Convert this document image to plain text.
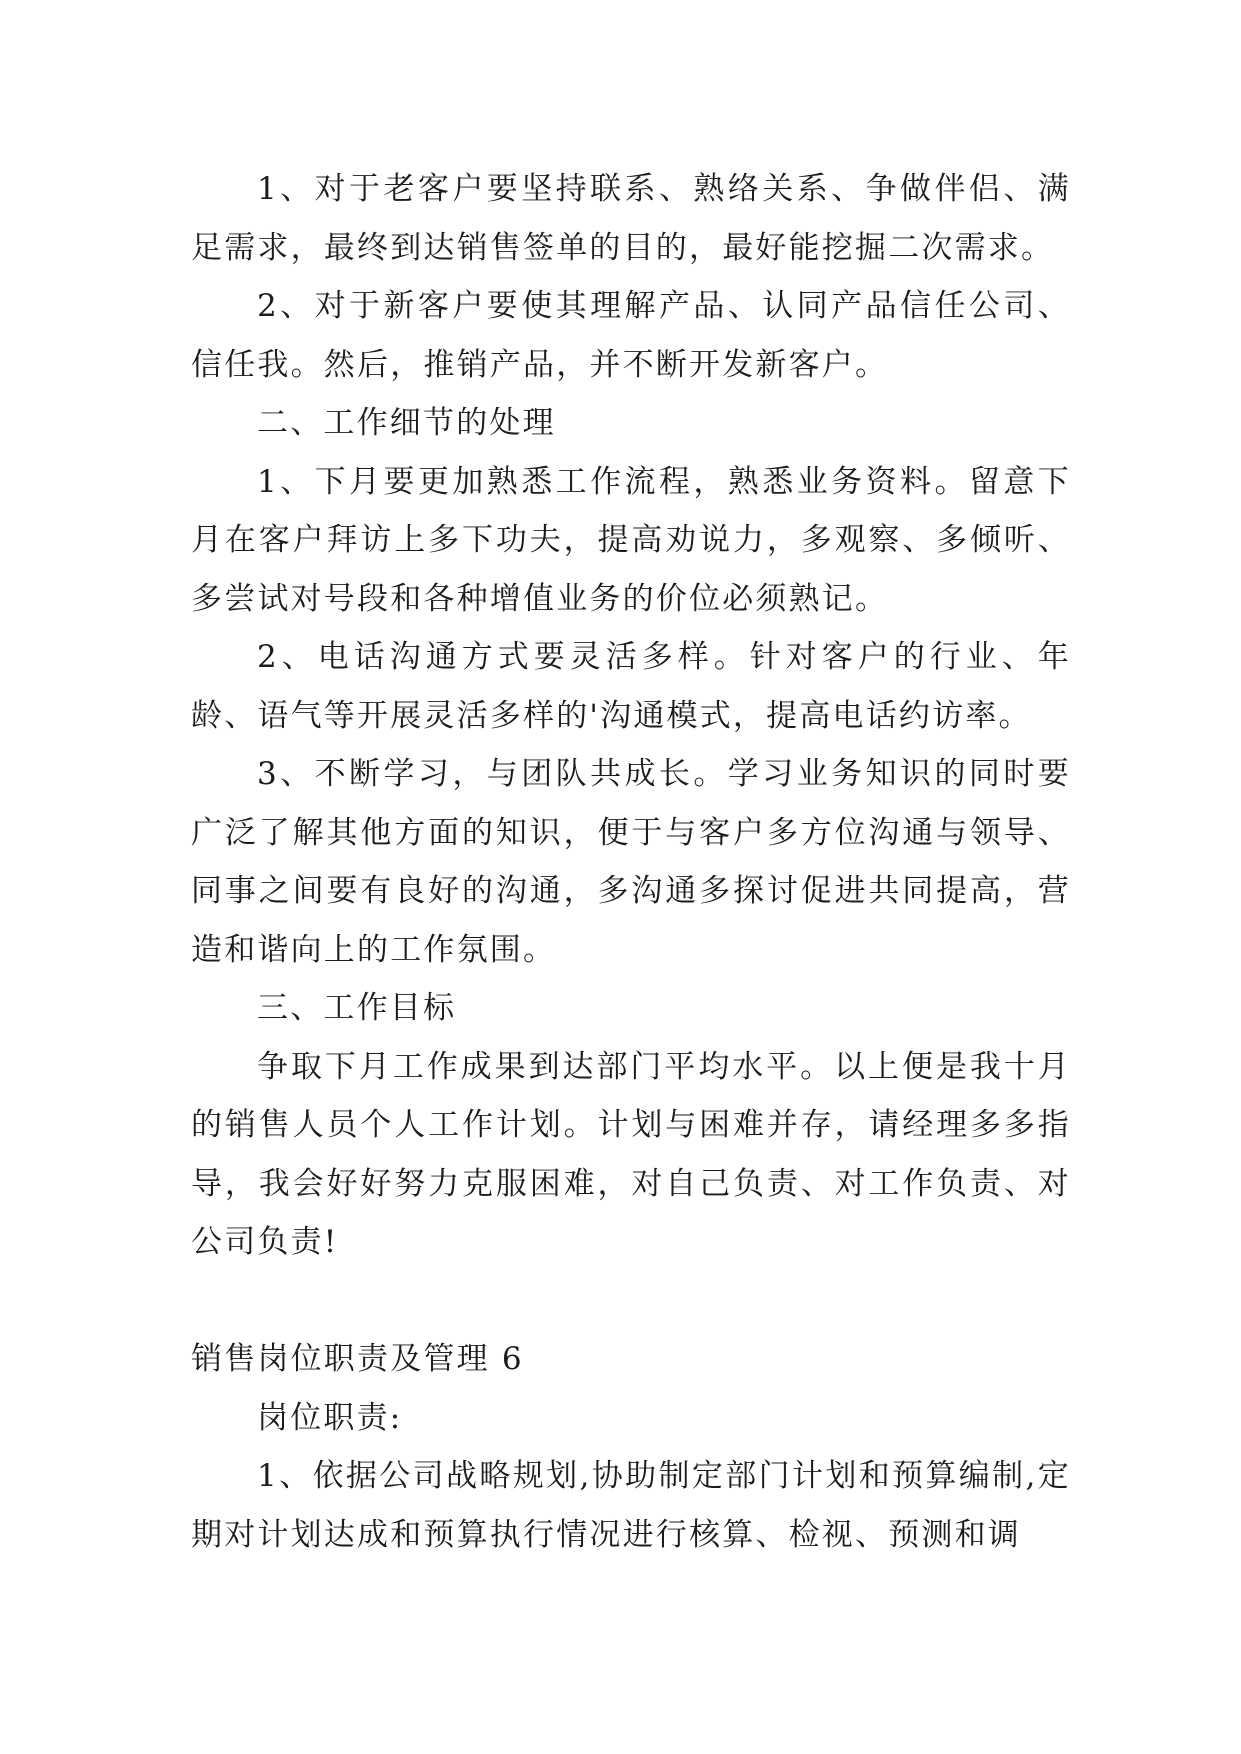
1、对于老客户要坚持联系、熟络关系、争做伴侣、满足需求，最终到达销售签单的目的，最好能挖掘二次需求。

2、对于新客户要使其理解产品、认同产品信任公司、信任我。然后，推销产品，并不断开发新客户。

二、工作细节的处理

1、下月要更加熟悉工作流程，熟悉业务资料。留意下月在客户拜访上多下功夫，提高劝说力，多观察、多倾听、多尝试对号段和各种增值业务的价位必须熟记。

2、电话沟通方式要灵活多样。针对客户的行业、年龄、语气等开展灵活多样的'沟通模式，提高电话约访率。

3、不断学习，与团队共成长。学习业务知识的同时要广泛了解其他方面的知识，便于与客户多方位沟通与领导、同事之间要有良好的沟通，多沟通多探讨促进共同提高，营造和谐向上的工作氛围。

三、工作目标

争取下月工作成果到达部门平均水平。以上便是我十月的销售人员个人工作计划。计划与困难并存，请经理多多指导，我会好好努力克服困难，对自己负责、对工作负责、对公司负责!

销售岗位职责及管理 6

岗位职责:

1、依据公司战略规划,协助制定部门计划和预算编制,定期对计划达成和预算执行情况进行核算、检视、预测和调
